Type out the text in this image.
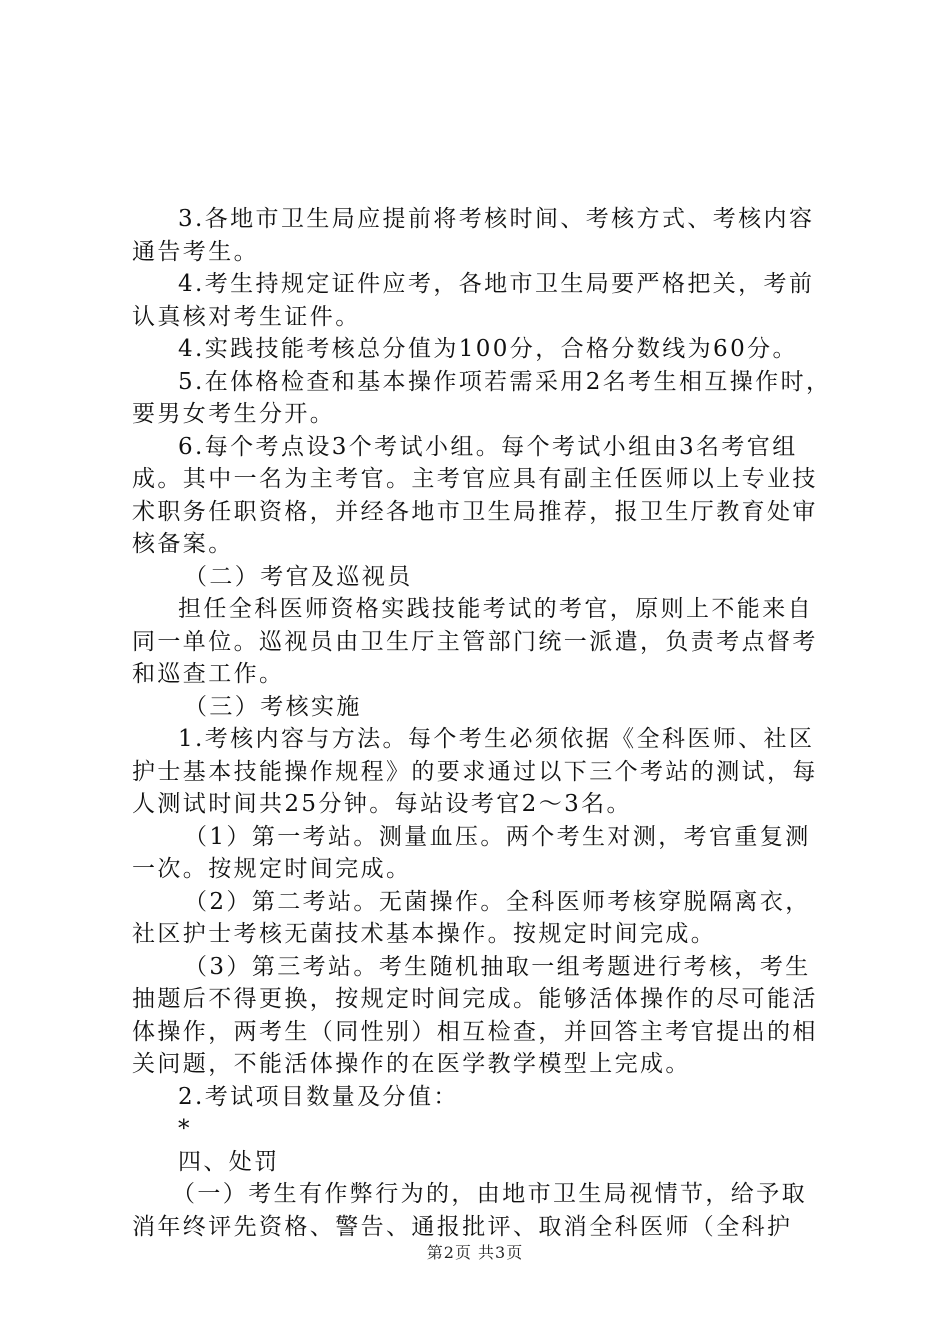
3.各地市卫生局应提前将考核时间、考核方式、考核内容通告考生。

4.考生持规定证件应考，各地市卫生局要严格把关，考前认真核对考生证件。

4.实践技能考核总分值为100分，合格分数线为60分。

5.在体格检查和基本操作项若需采用2名考生相互操作时，要男女考生分开。

6.每个考点设3个考试小组。每个考试小组由3名考官组成。其中一名为主考官。主考官应具有副主任医师以上专业技术职务任职资格，并经各地市卫生局推荐，报卫生厅教育处审核备案。

（二）考官及巡视员

担任全科医师资格实践技能考试的考官，原则上不能来自同一单位。巡视员由卫生厅主管部门统一派遣，负责考点督考和巡查工作。

（三）考核实施

1.考核内容与方法。每个考生必须依据《全科医师、社区护士基本技能操作规程》的要求通过以下三个考站的测试，每人测试时间共25分钟。每站设考官2～3名。

（1）第一考站。测量血压。两个考生对测，考官重复测一次。按规定时间完成。

（2）第二考站。无菌操作。全科医师考核穿脱隔离衣，社区护士考核无菌技术基本操作。按规定时间完成。

（3）第三考站。考生随机抽取一组考题进行考核，考生抽题后不得更换，按规定时间完成。能够活体操作的尽可能活体操作，两考生（同性别）相互检查，并回答主考官提出的相关问题，不能活体操作的在医学教学模型上完成。

2.考试项目数量及分值：

*

四、处罚

（一）考生有作弊行为的，由地市卫生局视情节，给予取消年终评先资格、警告、通报批评、取消全科医师（全科护

第2页 共3页
